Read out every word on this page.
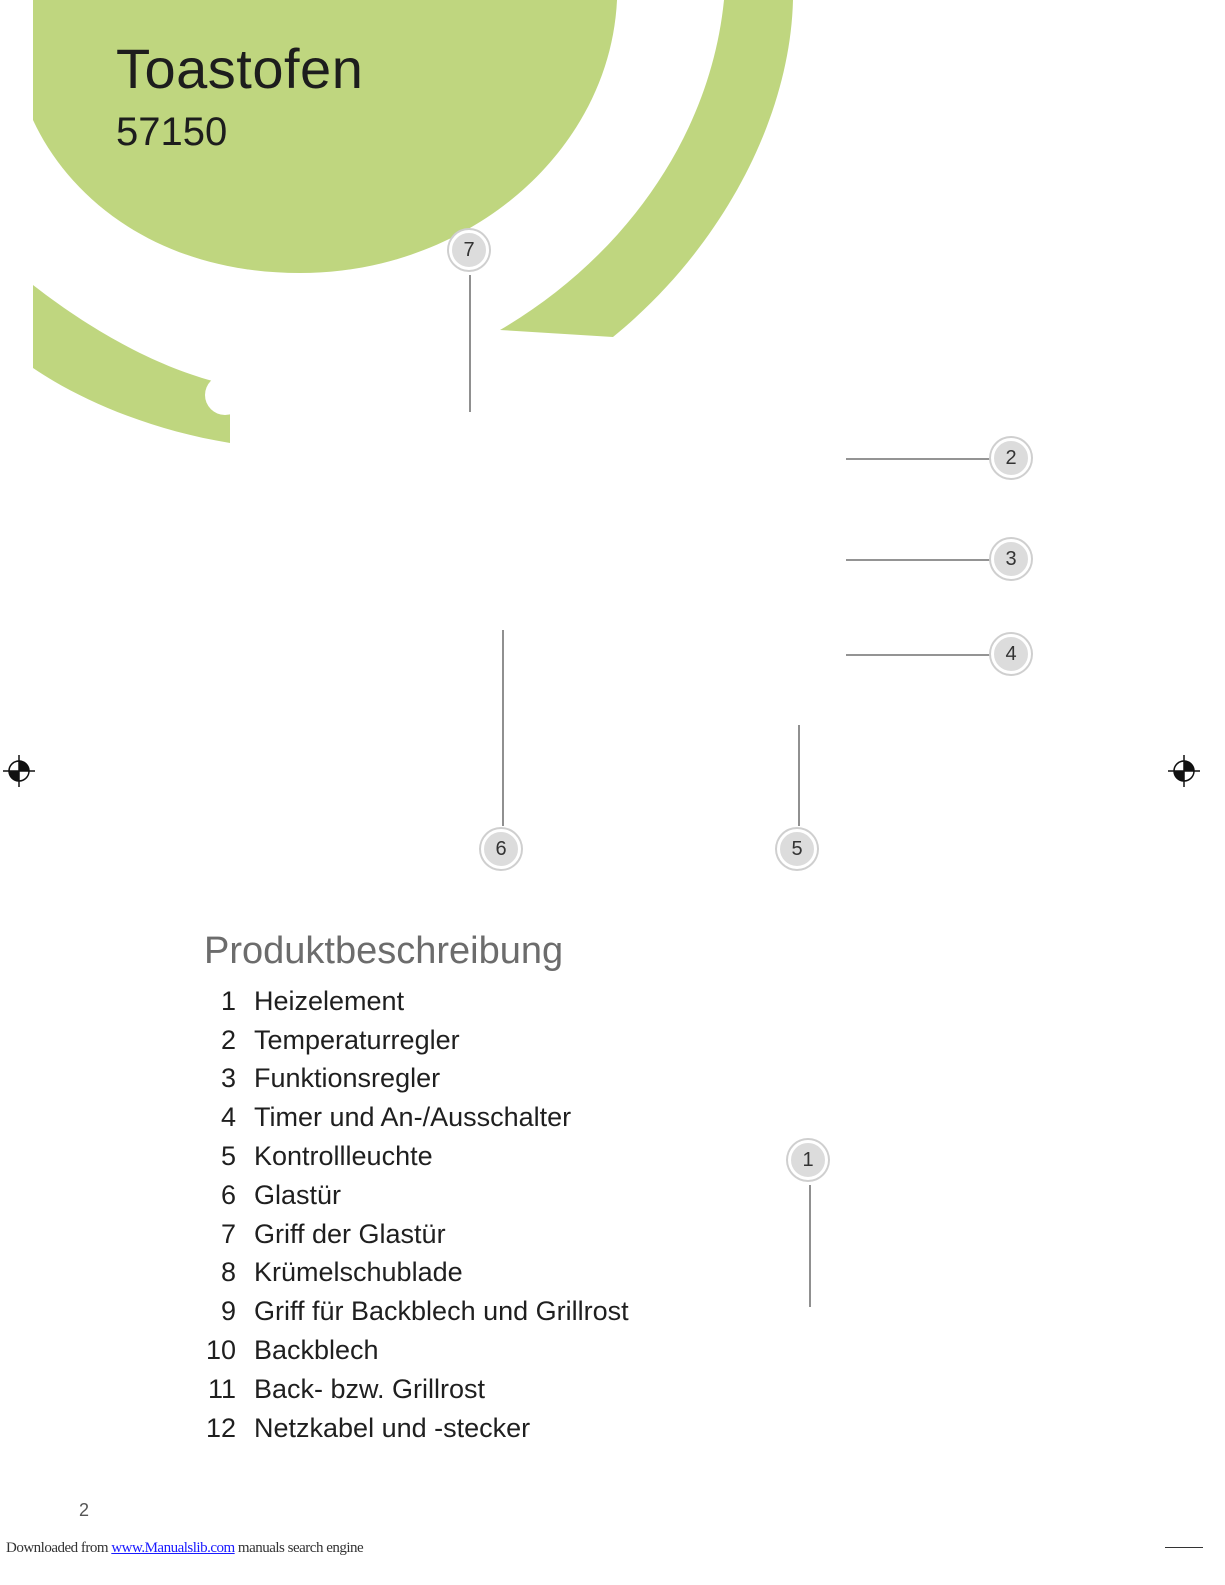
Toastofen
57150
7
2
3
4
6	5
1
Produktbeschreibung
1 Heizelement
2 Temperaturregler
3 Funktionsregler
4 Timer und An-/Ausschalter
5 Kontrollleuchte
6 Glastür
7 Griff der Glastür
8 Krümelschublade
9 Griff für Backblech und Grillrost
10 Backblech
11 Back- bzw. Grillrost
12 Netzkabel und -stecker
2
Downloaded from www.Manualslib.com manuals search engine
